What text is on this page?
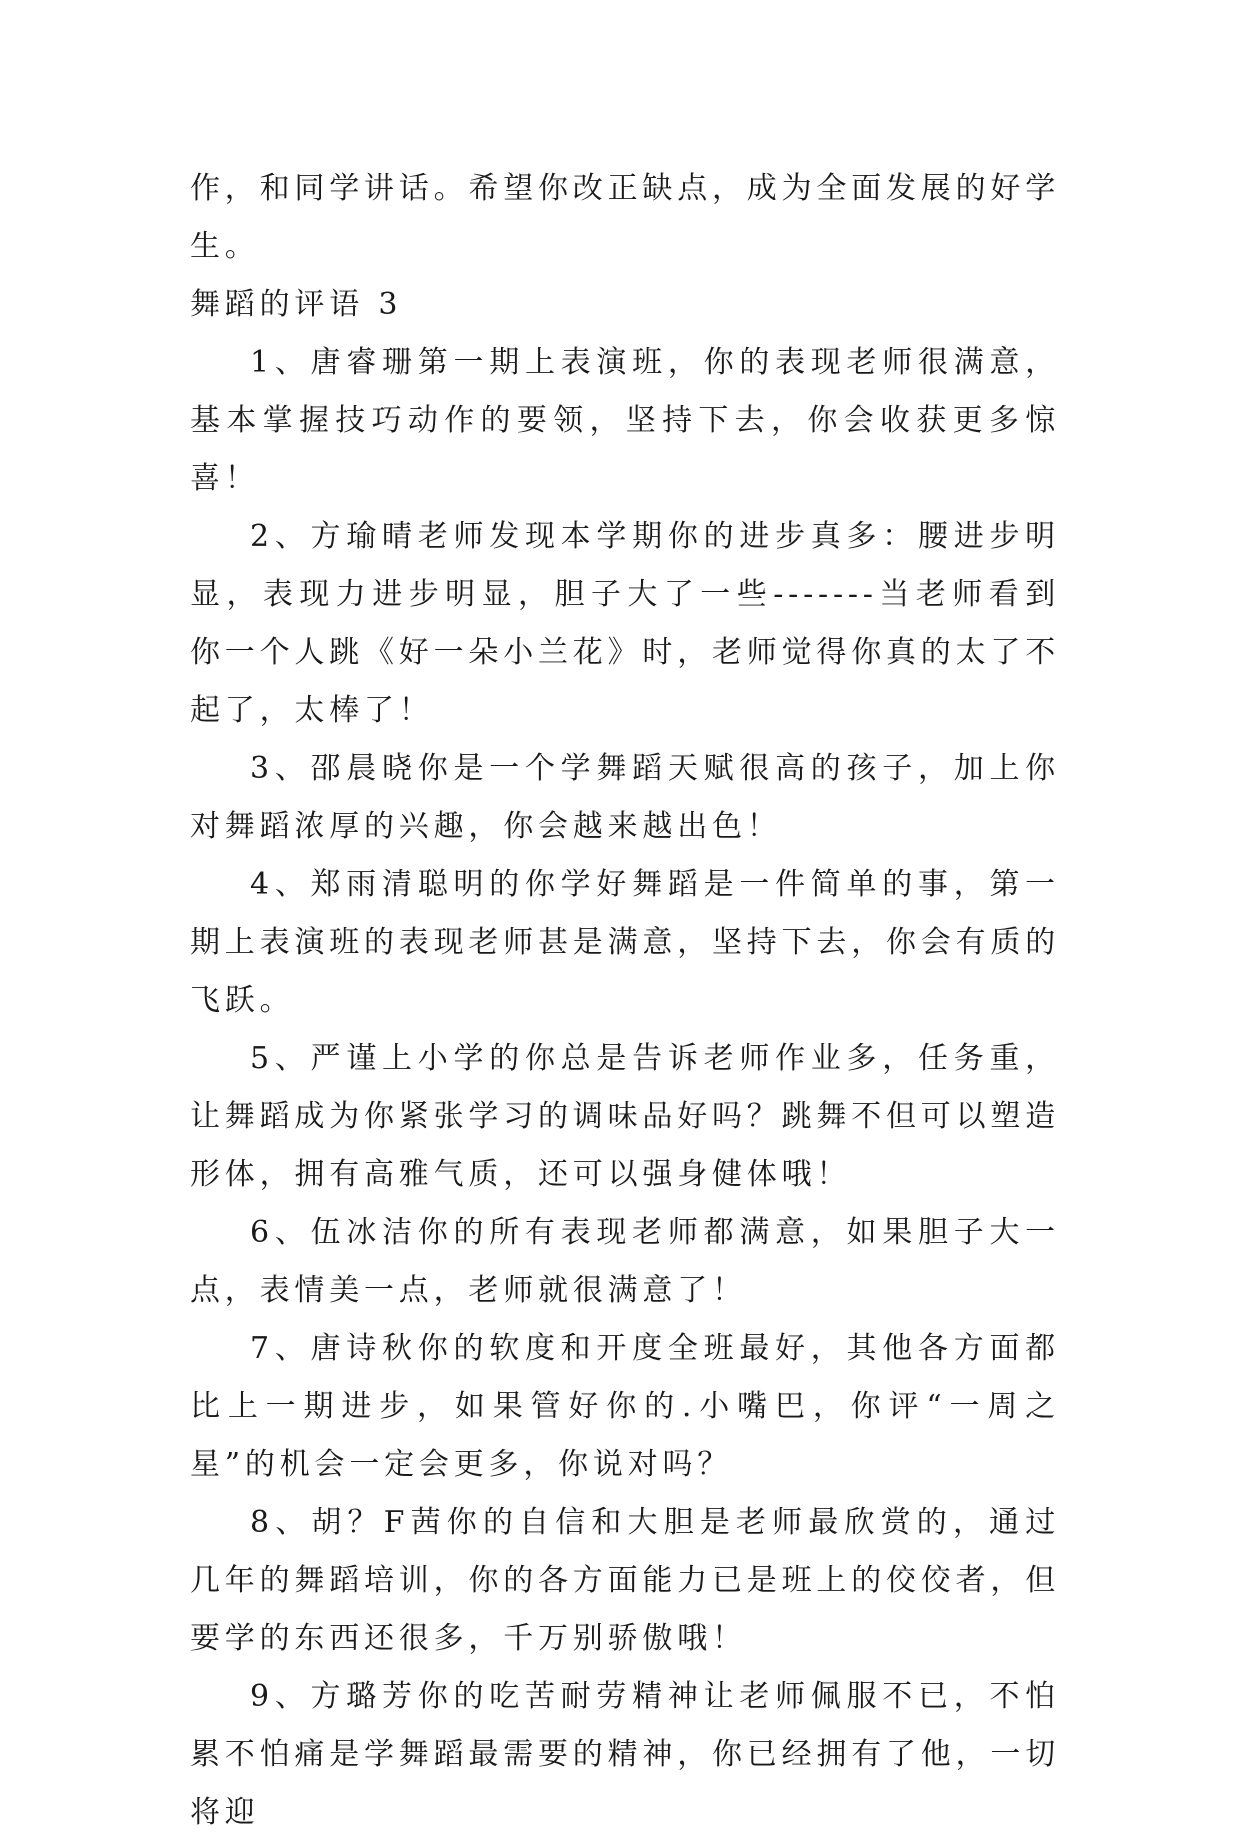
作，和同学讲话。希望你改正缺点，成为全面发展的好学生。

舞蹈的评语 3

1、唐睿珊第一期上表演班，你的表现老师很满意，基本掌握技巧动作的要领，坚持下去，你会收获更多惊喜！

2、方瑜晴老师发现本学期你的进步真多：腰进步明显，表现力进步明显，胆子大了一些-------当老师看到你一个人跳《好一朵小兰花》时，老师觉得你真的太了不起了，太棒了！

3、邵晨晓你是一个学舞蹈天赋很高的孩子，加上你对舞蹈浓厚的兴趣，你会越来越出色！

4、郑雨清聪明的你学好舞蹈是一件简单的事，第一期上表演班的表现老师甚是满意，坚持下去，你会有质的飞跃。

5、严谨上小学的你总是告诉老师作业多，任务重，让舞蹈成为你紧张学习的调味品好吗？跳舞不但可以塑造形体，拥有高雅气质，还可以强身健体哦！

6、伍冰洁你的所有表现老师都满意，如果胆子大一点，表情美一点，老师就很满意了！

7、唐诗秋你的软度和开度全班最好，其他各方面都比上一期进步，如果管好你的.小嘴巴，你评“一周之星”的机会一定会更多，你说对吗？

8、胡？F茜你的自信和大胆是老师最欣赏的，通过几年的舞蹈培训，你的各方面能力已是班上的佼佼者，但要学的东西还很多，千万别骄傲哦！

9、方璐芳你的吃苦耐劳精神让老师佩服不已，不怕累不怕痛是学舞蹈最需要的精神，你已经拥有了他，一切将迎
